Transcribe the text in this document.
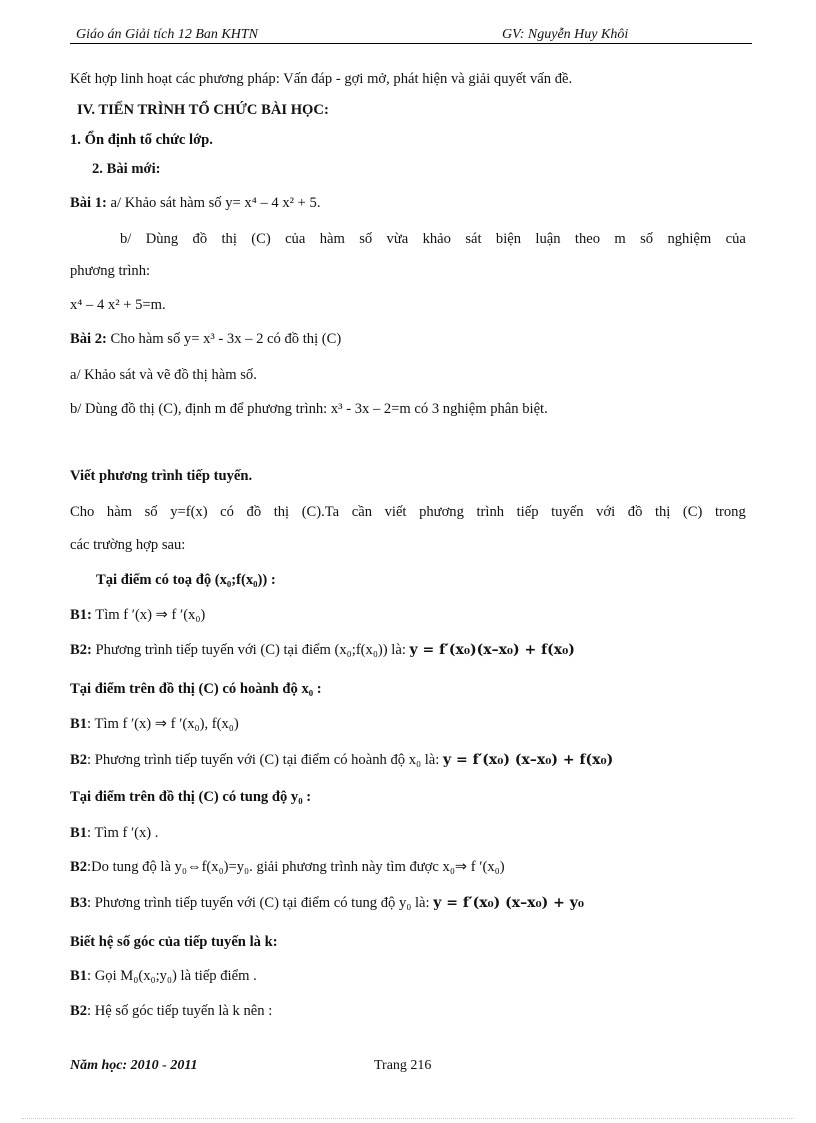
Giáo án Giải tích 12 Ban KHTN	GV: Nguyễn Huy Khôi
Kết hợp linh hoạt các phương pháp: Vấn đáp - gợi mở, phát hiện và giải quyết vấn đề.
IV. TIẾN TRÌNH TỔ CHỨC BÀI HỌC:
1. Ổn định tổ chức lớp.
2. Bài mới:
Bài 1: a/ Khảo sát hàm số y= x⁴ – 4 x² + 5.
b/ Dùng đồ thị (C) của hàm số vừa khảo sát biện luận theo m số nghiệm của
phương trình:
x⁴ – 4 x² + 5=m.
Bài 2: Cho hàm số y= x³ - 3x – 2 có đồ thị (C)
a/ Khảo sát và vẽ đồ thị hàm số.
b/ Dùng đồ thị (C), định m để phương trình: x³ - 3x – 2=m có 3 nghiệm phân biệt.
Viết phương trình tiếp tuyến.
Cho hàm số y=f(x) có đồ thị (C).Ta cần viết phương trình tiếp tuyến với đồ thị (C) trong
các trường hợp sau:
Tại điểm có toạ độ (x₀;f(x₀)) :
B1: Tìm f ′(x) ⇒ f ′(x₀)
B2: Phương trình tiếp tuyến với (C) tại điểm (x₀;f(x₀)) là: y = f′(x₀)(x–x₀) + f(x₀)
Tại điểm trên đồ thị (C) có hoành độ x₀ :
B1: Tìm f ′(x) ⇒ f ′(x₀), f(x₀)
B2: Phương trình tiếp tuyến với (C) tại điểm có hoành độ x₀ là: y = f′(x₀) (x–x₀) + f(x₀)
Tại điểm trên đồ thị (C) có tung độ y₀ :
B1: Tìm f ′(x) .
B2:Do tung độ là y₀⇔f(x₀)=y₀. giải phương trình này tìm được x₀⇒ f ′(x₀)
B3: Phương trình tiếp tuyến với (C) tại điểm có tung độ y₀ là: y = f′(x₀) (x–x₀) + y₀
Biết hệ số góc của tiếp tuyến là k:
B1: Gọi M₀(x₀;y₀) là tiếp điểm .
B2: Hệ số góc tiếp tuyến là k nên :
Năm học: 2010 - 2011	Trang 216
